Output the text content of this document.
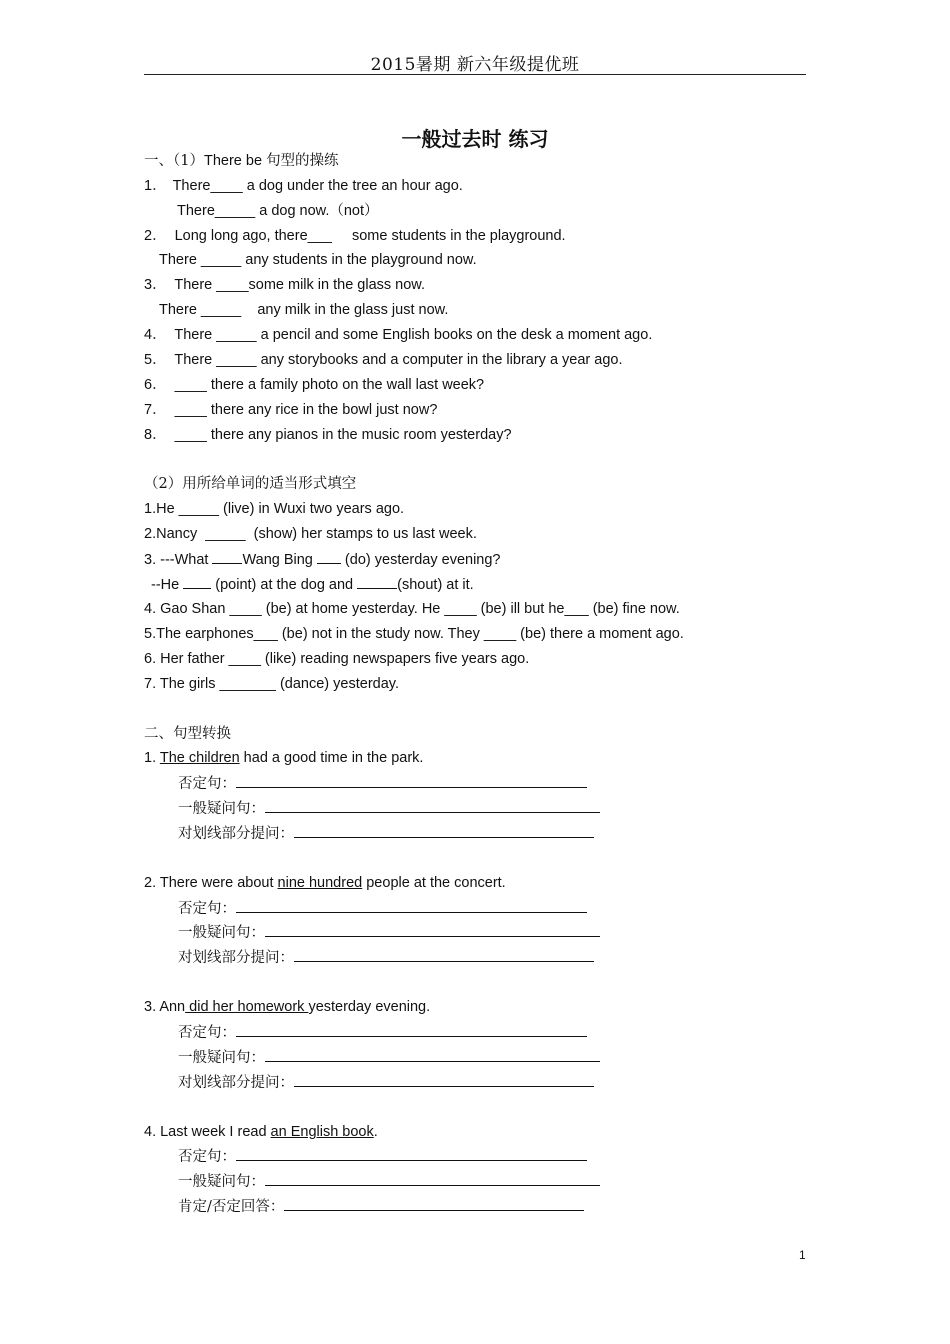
2015暑期 新六年级提优班
一般过去时 练习
一、（1）There be 句型的操练
1． There____ a dog under the tree an hour ago.
There_____ a dog now.（not）
2． Long long ago, there___     some students in the playground.
There _____ any students in the playground now.
3． There ____some milk in the glass now.
There _____    any milk in the glass just now.
4． There _____ a pencil and some English books on the desk a moment ago.
5． There _____ any storybooks and a computer in the library a year ago.
6． ____ there a family photo on the wall last week?
7． ____ there any rice in the bowl just now?
8． ____ there any pianos in the music room yesterday?
（2）用所给单词的适当形式填空
1.He _____ (live) in Wuxi two years ago.
2.Nancy  _____  (show) her stamps to us last week.
3. ---What Wang Bing  (do) yesterday evening?
--He  (point) at the dog and	(shout) at it.
4. Gao Shan ____ (be) at home yesterday. He ____ (be) ill but he___ (be) fine now.
5.The earphones___ (be) not in the study now. They ____ (be) there a moment ago.
6. Her father ____ (like) reading newspapers five years ago.
7. The girls _______ (dance) yesterday.
二、句型转换
1. The children had a good time in the park.
否定句：
一般疑问句：
对划线部分提问：
2. There were about nine hundred people at the concert.
否定句：
一般疑问句：
对划线部分提问：
3. Ann did her homework yesterday evening.
否定句：
一般疑问句：
对划线部分提问：
4. Last week I read an English book.
否定句：
一般疑问句：
肯定/否定回答：
1
